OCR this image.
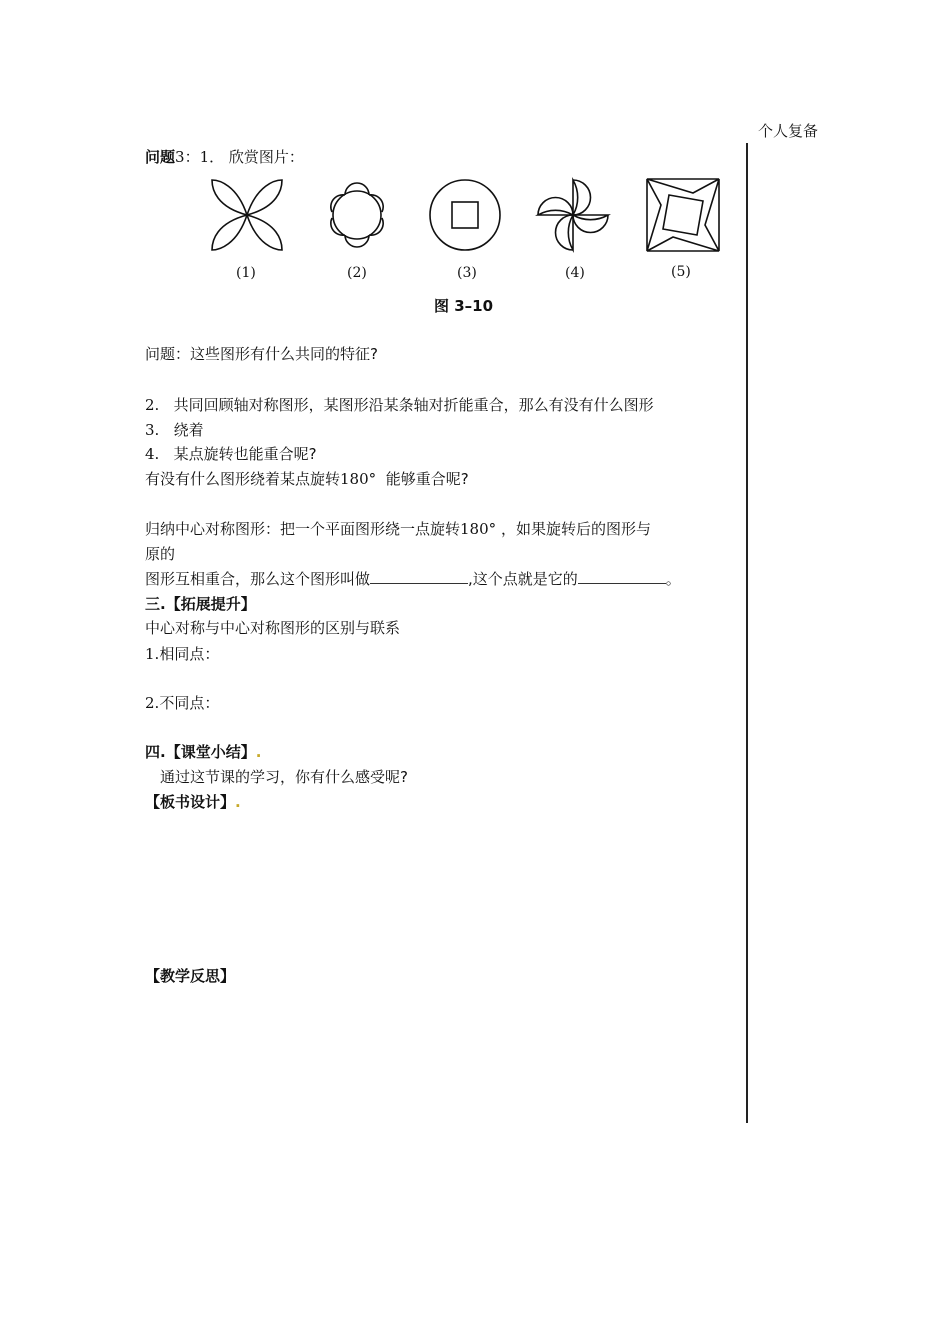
个人复备
问题3：1． 欣赏图片：
(1)	(2)	(3)	(4)	(5)
图 3–10
问题：这些图形有什么共同的特征?
2. 共同回顾轴对称图形，某图形沿某条轴对折能重合，那么有没有什么图形
3. 绕着
4. 某点旋转也能重合呢?
有没有什么图形绕着某点旋转180° 能够重合呢?
归纳中心对称图形：把一个平面图形绕一点旋转180° ，如果旋转后的图形与
原的
图形互相重合，那么这个图形叫做	,这个点就是它的	。
三.【拓展提升】
中心对称与中心对称图形的区别与联系
1.相同点：
2.不同点：
四.【课堂小结】.
通过这节课的学习，你有什么感受呢?
【板书设计】.
【教学反思】
